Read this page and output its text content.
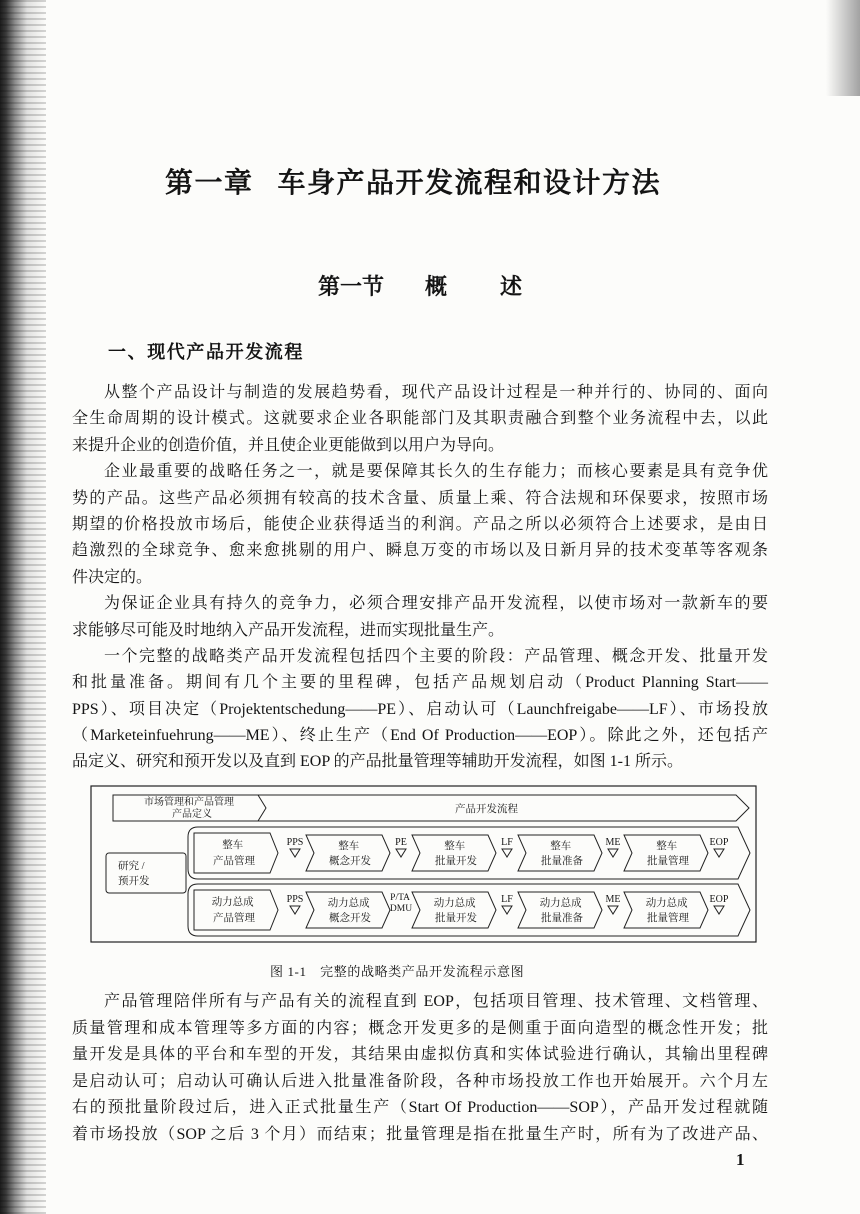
第一章 车身产品开发流程和设计方法
第一节 概 述
一、现代产品开发流程
从整个产品设计与制造的发展趋势看，现代产品设计过程是一种并行的、协同的、面向
全生命周期的设计模式。这就要求企业各职能部门及其职责融合到整个业务流程中去，以此
来提升企业的创造价值，并且使企业更能做到以用户为导向。
企业最重要的战略任务之一，就是要保障其长久的生存能力；而核心要素是具有竞争优
势的产品。这些产品必须拥有较高的技术含量、质量上乘、符合法规和环保要求，按照市场
期望的价格投放市场后，能使企业获得适当的利润。产品之所以必须符合上述要求，是由日
趋激烈的全球竞争、愈来愈挑剔的用户、瞬息万变的市场以及日新月异的技术变革等客观条
件决定的。
为保证企业具有持久的竞争力，必须合理安排产品开发流程，以使市场对一款新车的要
求能够尽可能及时地纳入产品开发流程，进而实现批量生产。
一个完整的战略类产品开发流程包括四个主要的阶段：产品管理、概念开发、批量开发
和批量准备。期间有几个主要的里程碑，包括产品规划启动（Product Planning Start——
PPS）、项目决定（Projektentschedung——PE）、启动认可（Launchfreigabe——LF）、市场投放
（Marketeinfuehrung——ME）、终止生产（End Of Production——EOP）。除此之外，还包括产
品定义、研究和预开发以及直到 EOP 的产品批量管理等辅助开发流程，如图 1-1 所示。
市场管理和产品管理 产品定义	产品开发流程
研究 / 预开发
整车 产品管理
整车 概念开发
整车 批量开发
整车 批量准备
整车 批量管理
PPS	PE	LF	ME	EOP
动力总成 产品管理
动力总成 概念开发
动力总成 批量开发
动力总成 批量准备
动力总成 批量管理
PPS	P/TA DMU
LF	ME	EOP
图 1-1　完整的战略类产品开发流程示意图
产品管理陪伴所有与产品有关的流程直到 EOP，包括项目管理、技术管理、文档管理、
质量管理和成本管理等多方面的内容；概念开发更多的是侧重于面向造型的概念性开发；批
量开发是具体的平台和车型的开发，其结果由虚拟仿真和实体试验进行确认，其输出里程碑
是启动认可；启动认可确认后进入批量准备阶段，各种市场投放工作也开始展开。六个月左
右的预批量阶段过后，进入正式批量生产（Start Of Production——SOP），产品开发过程就随
着市场投放（SOP 之后 3 个月）而结束；批量管理是指在批量生产时，所有为了改进产品、
1
